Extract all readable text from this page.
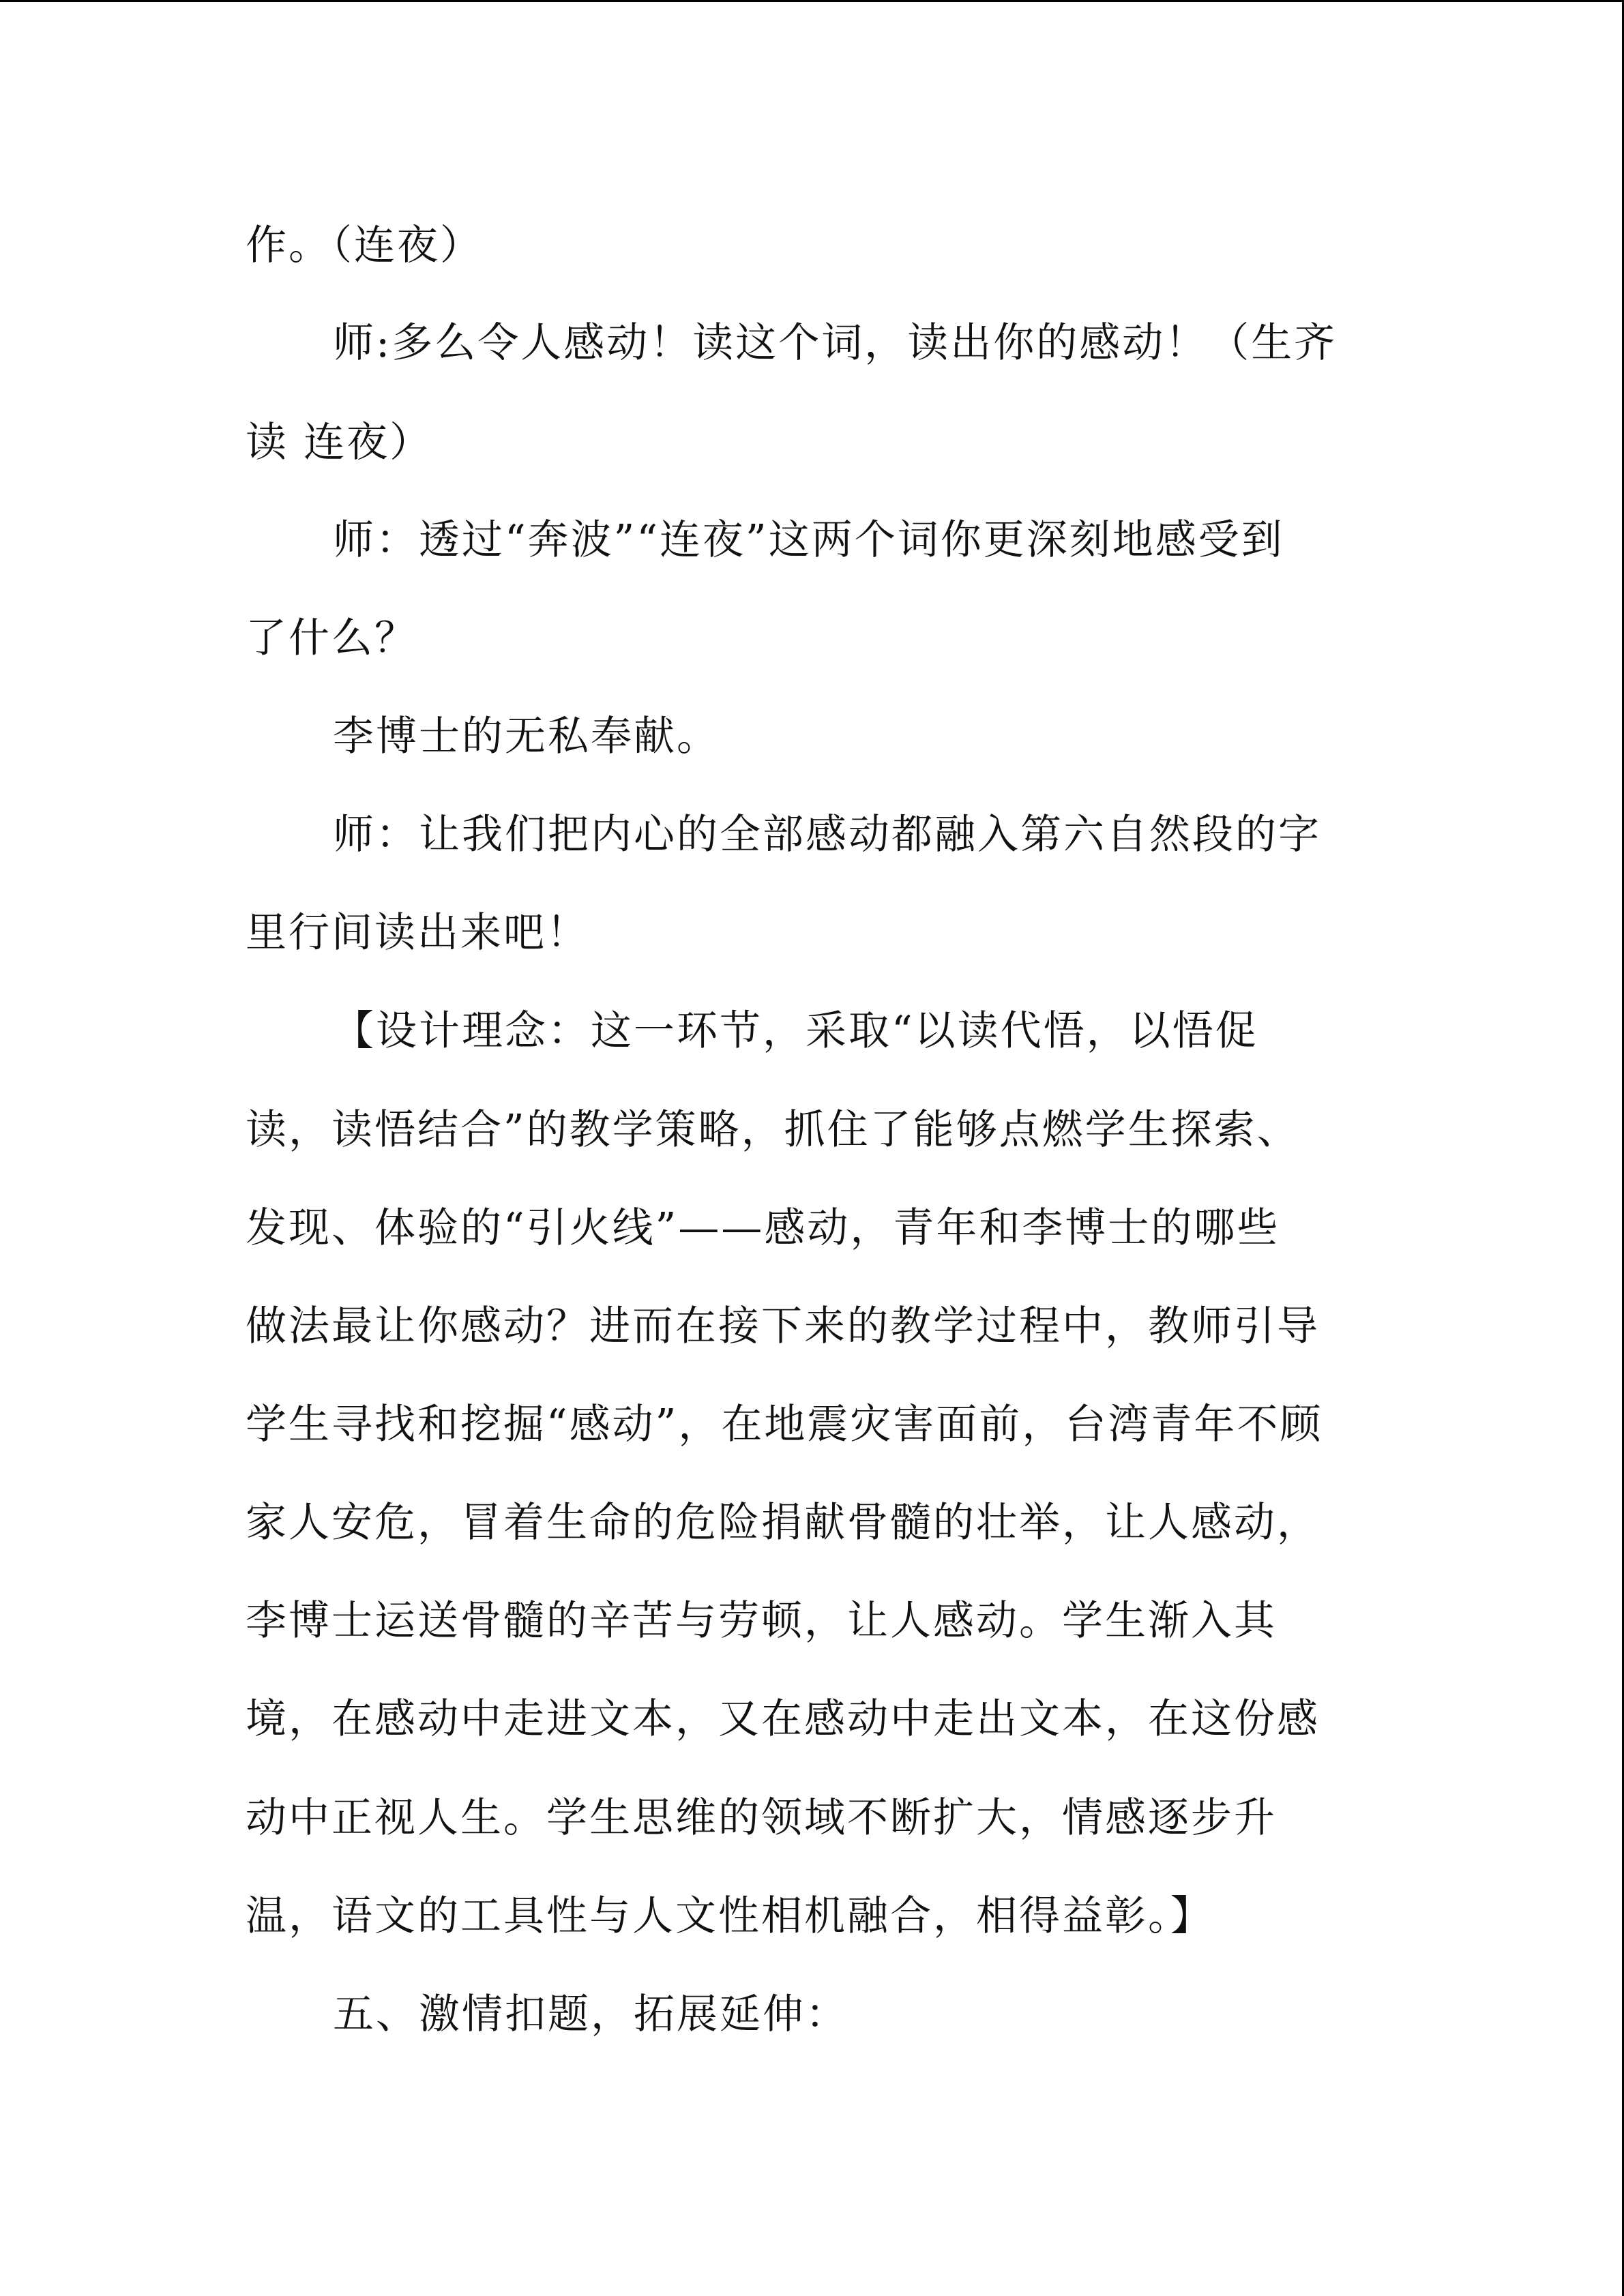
作。（连夜）

师:多么令人感动！读这个词，读出你的感动！（生齐

读 连夜）

师：透过“奔波”“连夜”这两个词你更深刻地感受到

了什么？

李博士的无私奉献。

师：让我们把内心的全部感动都融入第六自然段的字

里行间读出来吧！

【设计理念：这一环节，采取“以读代悟，以悟促

读，读悟结合”的教学策略，抓住了能够点燃学生探索、

发现、体验的“引火线”——感动，青年和李博士的哪些

做法最让你感动？进而在接下来的教学过程中，教师引导

学生寻找和挖掘“感动”，在地震灾害面前，台湾青年不顾

家人安危，冒着生命的危险捐献骨髓的壮举，让人感动，

李博士运送骨髓的辛苦与劳顿，让人感动。学生渐入其

境，在感动中走进文本，又在感动中走出文本，在这份感

动中正视人生。学生思维的领域不断扩大，情感逐步升

温，语文的工具性与人文性相机融合，相得益彰。】

五、激情扣题，拓展延伸：
